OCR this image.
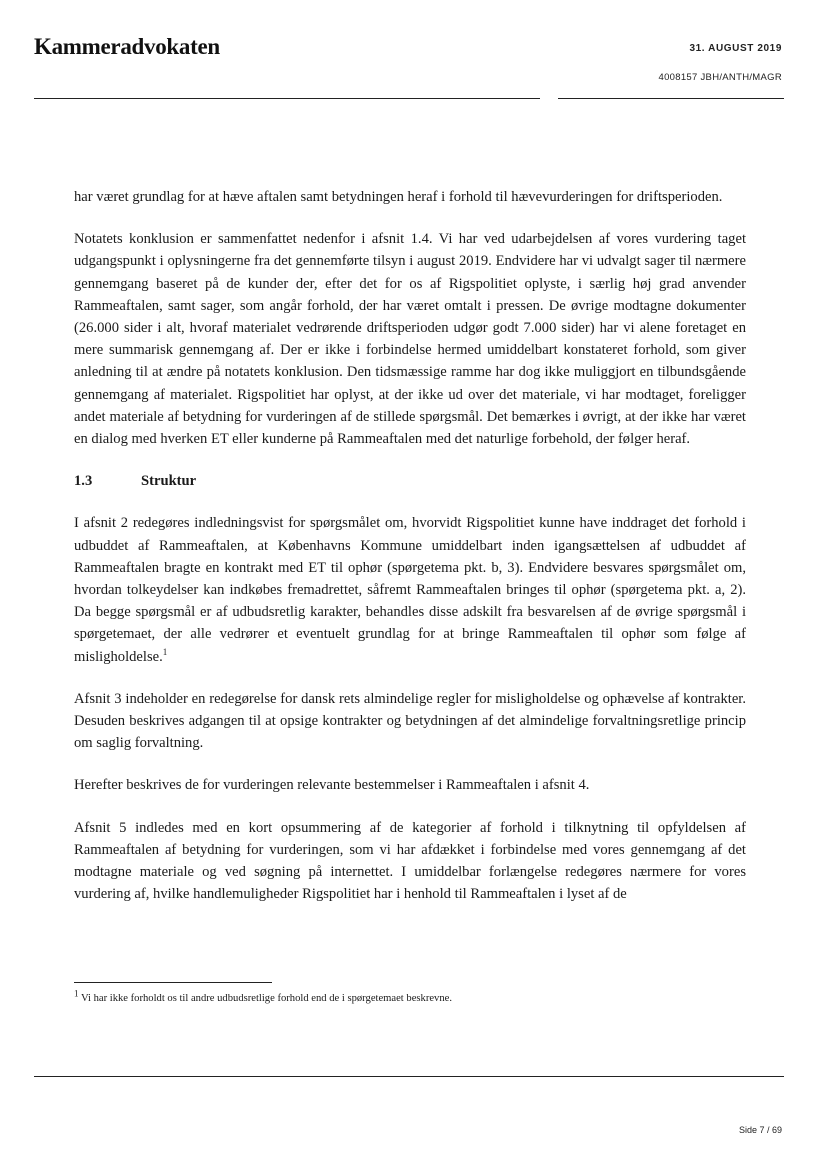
Kammeradvokaten	31. AUGUST 2019
4008157 JBH/ANTH/MAGR

har været grundlag for at hæve aftalen samt betydningen heraf i forhold til hævevurderingen for driftsperioden.

Notatets konklusion er sammenfattet nedenfor i afsnit 1.4. Vi har ved udarbejdelsen af vores vurdering taget udgangspunkt i oplysningerne fra det gennemførte tilsyn i august 2019. Endvidere har vi udvalgt sager til nærmere gennemgang baseret på de kunder der, efter det for os af Rigspolitiet oplyste, i særlig høj grad anvender Rammeaftalen, samt sager, som angår forhold, der har været omtalt i pressen. De øvrige modtagne dokumenter (26.000 sider i alt, hvoraf materialet vedrørende driftsperioden udgør godt 7.000 sider) har vi alene foretaget en mere summarisk gennemgang af. Der er ikke i forbindelse hermed umiddelbart konstateret forhold, som giver anledning til at ændre på notatets konklusion. Den tidsmæssige ramme har dog ikke muliggjort en tilbundsgående gennemgang af materialet. Rigspolitiet har oplyst, at der ikke ud over det materiale, vi har modtaget, foreligger andet materiale af betydning for vurderingen af de stillede spørgsmål. Det bemærkes i øvrigt, at der ikke har været en dialog med hverken ET eller kunderne på Rammeaftalen med det naturlige forbehold, der følger heraf.

1.3	Struktur

I afsnit 2 redegøres indledningsvist for spørgsmålet om, hvorvidt Rigspolitiet kunne have inddraget det forhold i udbuddet af Rammeaftalen, at Københavns Kommune umiddelbart inden igangsættelsen af udbuddet af Rammeaftalen bragte en kontrakt med ET til ophør (spørgetema pkt. b, 3). Endvidere besvares spørgsmålet om, hvordan tolkeydelser kan indkøbes fremadrettet, såfremt Rammeaftalen bringes til ophør (spørgetema pkt. a, 2). Da begge spørgsmål er af udbudsretlig karakter, behandles disse adskilt fra besvarelsen af de øvrige spørgsmål i spørgetemaet, der alle vedrører et eventuelt grundlag for at bringe Rammeaftalen til ophør som følge af misligholdelse.$^1$

Afsnit 3 indeholder en redegørelse for dansk rets almindelige regler for misligholdelse og ophævelse af kontrakter. Desuden beskrives adgangen til at opsige kontrakter og betydningen af det almindelige forvaltningsretlige princip om saglig forvaltning.

Herefter beskrives de for vurderingen relevante bestemmelser i Rammeaftalen i afsnit 4.

Afsnit 5 indledes med en kort opsummering af de kategorier af forhold i tilknytning til opfyldelsen af Rammeaftalen af betydning for vurderingen, som vi har afdækket i forbindelse med vores gennemgang af det modtagne materiale og ved søgning på internettet. I umiddelbar forlængelse redegøres nærmere for vores vurdering af, hvilke handlemuligheder Rigspolitiet har i henhold til Rammeaftalen i lyset af de

$^1$ Vi har ikke forholdt os til andre udbudsretlige forhold end de i spørgetemaet beskrevne.
Side 7 / 69
